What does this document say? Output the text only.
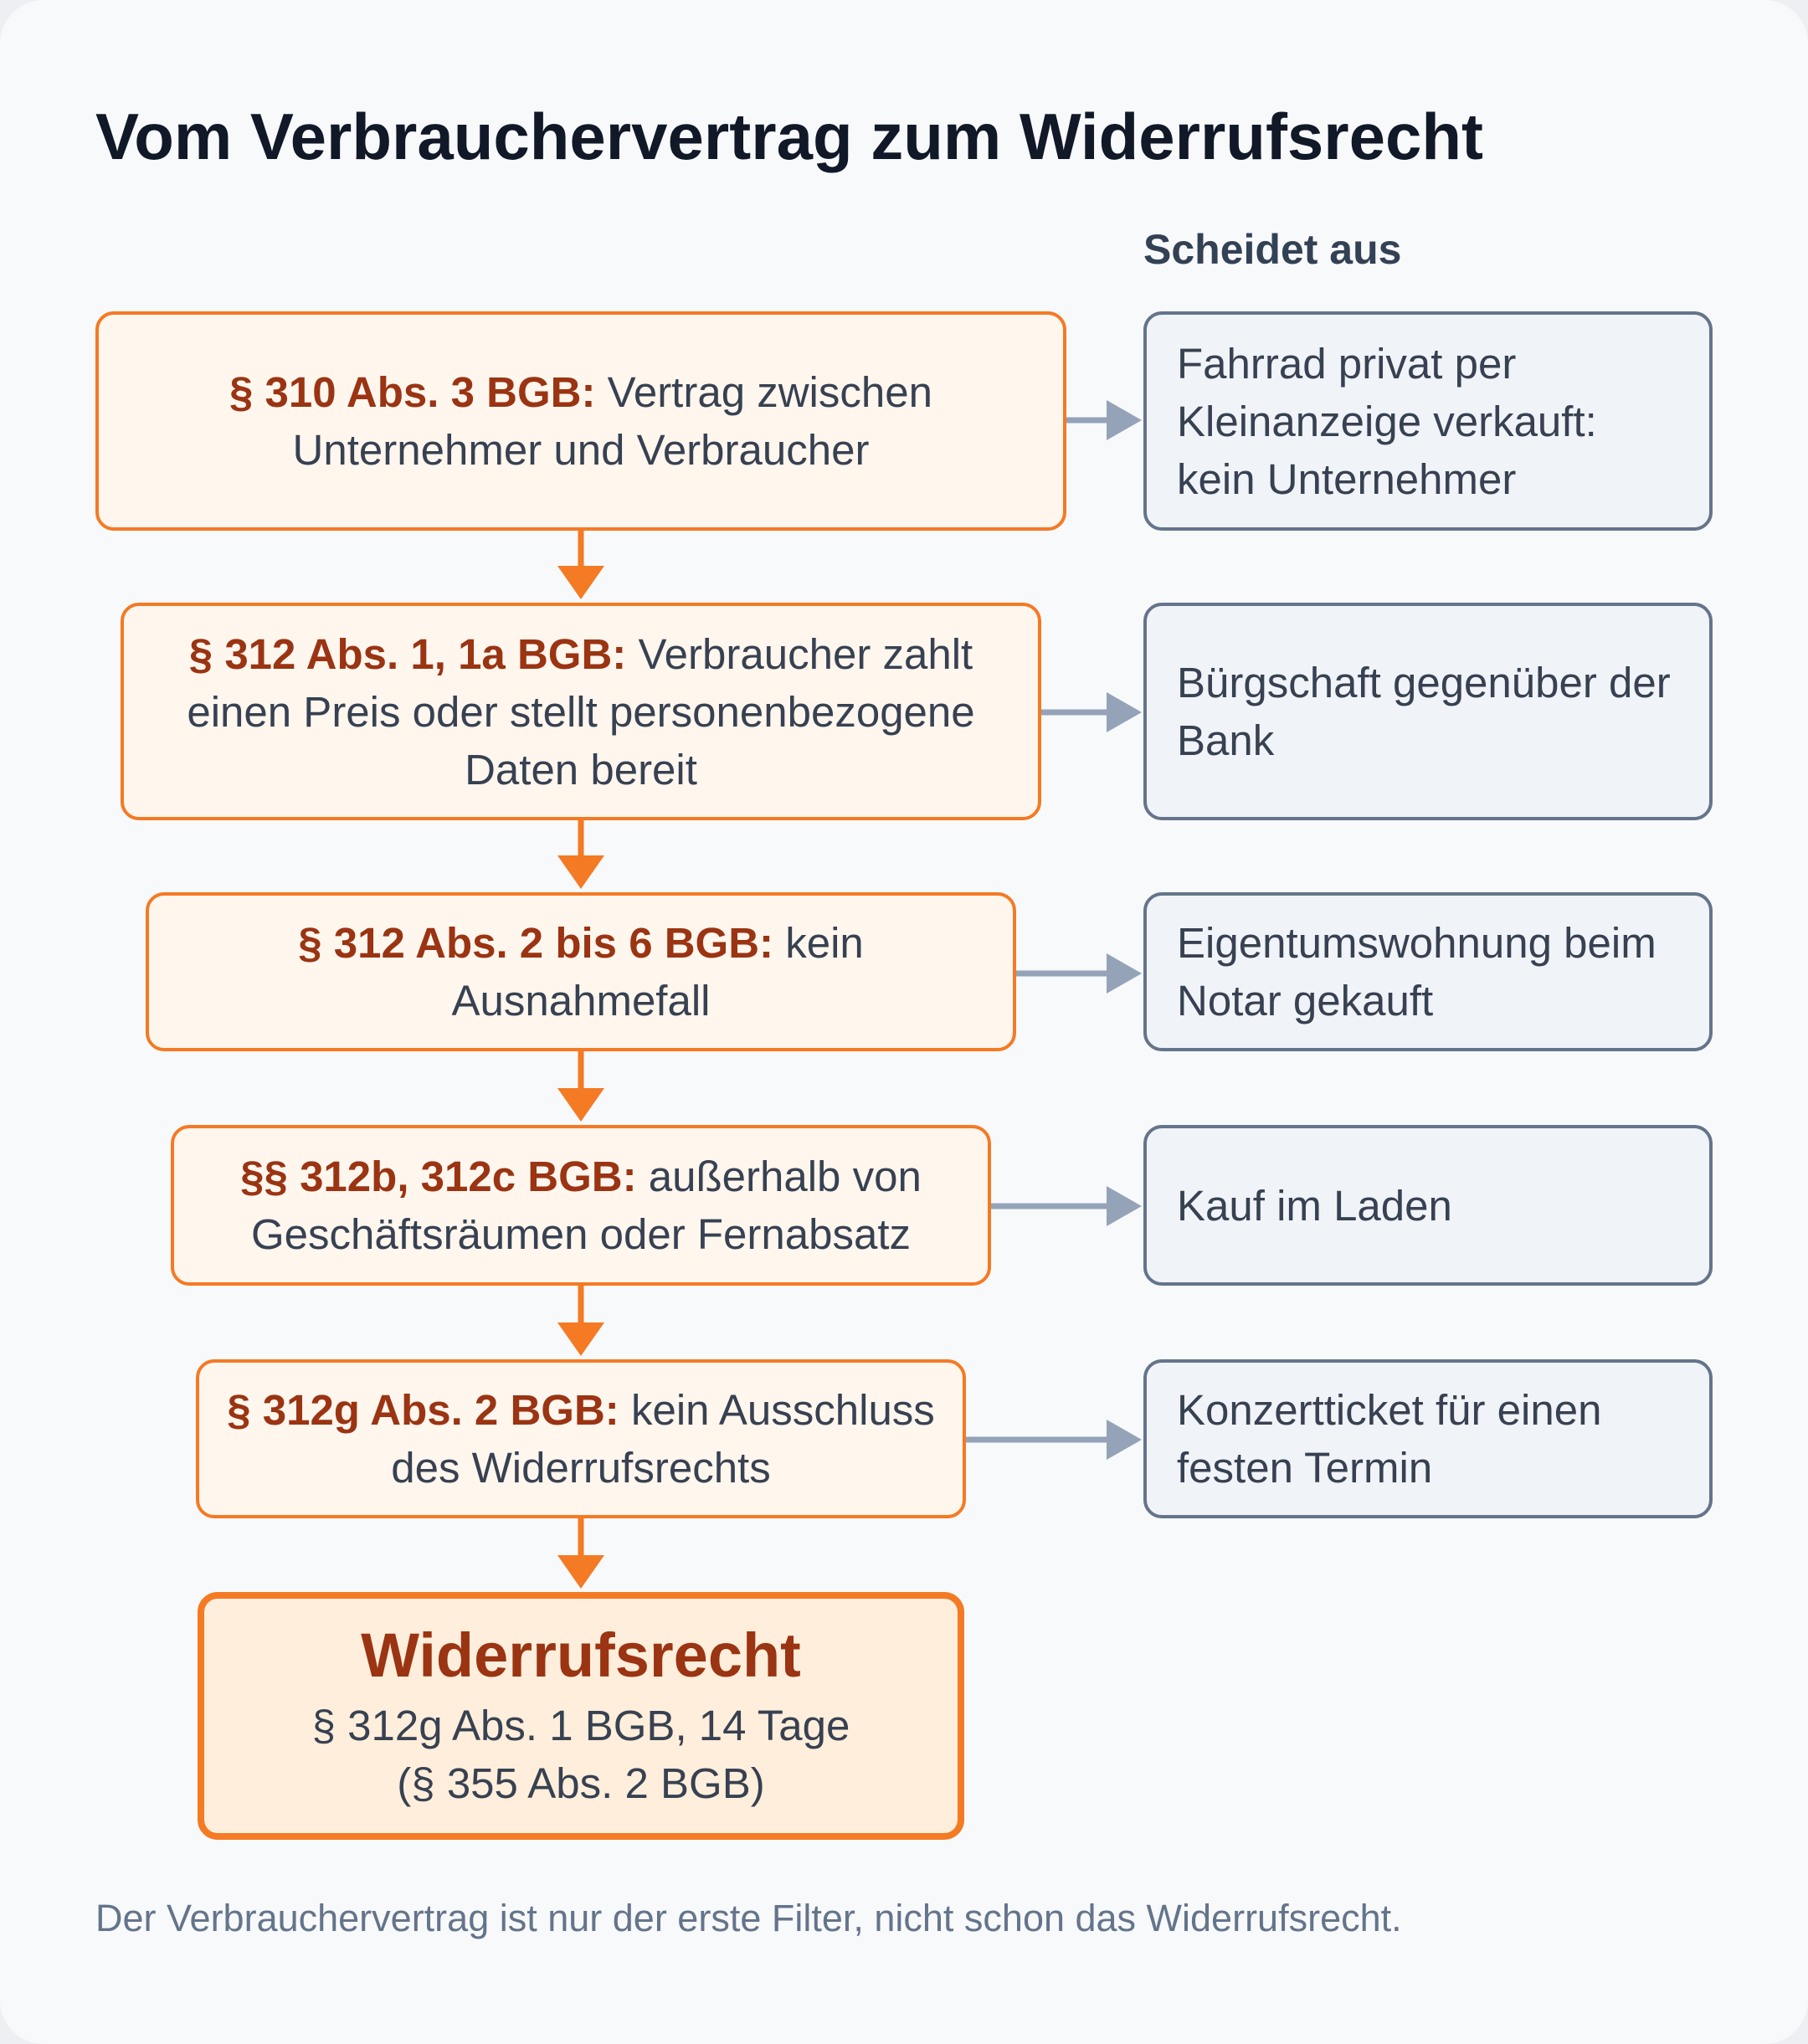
Vom Verbrauchervertrag zum Widerrufsrecht
Scheidet aus
§ 310 Abs. 3 BGB: Vertrag zwischen Unternehmer und Verbraucher
§ 312 Abs. 1, 1a BGB: Verbraucher zahlt einen Preis oder stellt personenbezogene Daten bereit
§ 312 Abs. 2 bis 6 BGB: kein Ausnahmefall
§§ 312b, 312c BGB: außerhalb von Geschäftsräumen oder Fernabsatz
§ 312g Abs. 2 BGB: kein Ausschluss des Widerrufsrechts
Fahrrad privat per Kleinanzeige verkauft: kein Unternehmer
Bürgschaft gegenüber der Bank
Eigentumswohnung beim Notar gekauft
Kauf im Laden
Konzertticket für einen festen Termin
Widerrufsrecht
§ 312g Abs. 1 BGB, 14 Tage
(§ 355 Abs. 2 BGB)
Der Verbrauchervertrag ist nur der erste Filter, nicht schon das Widerrufsrecht.
